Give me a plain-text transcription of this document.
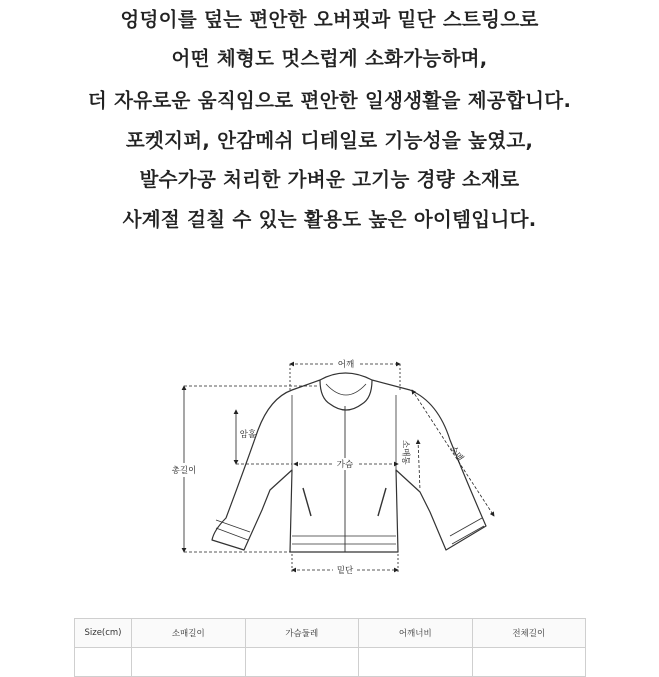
엉덩이를 덮는 편안한 오버핏과 밑단 스트링으로

어떤 체형도 멋스럽게 소화가능하며,

더 자유로운 움직임으로 편안한 일생생활을 제공합니다.

포켓지퍼, 안감메쉬 디테일로 기능성을 높였고,

발수가공 처리한 가벼운 고기능 경량 소재로

사계절 걸칠 수 있는 활용도 높은 아이템입니다.

어깨
암홀
총길이
가슴
소매통	소매
밑단
Size(cm)	소매길이	가슴둘레	어깨너비	전체길이
